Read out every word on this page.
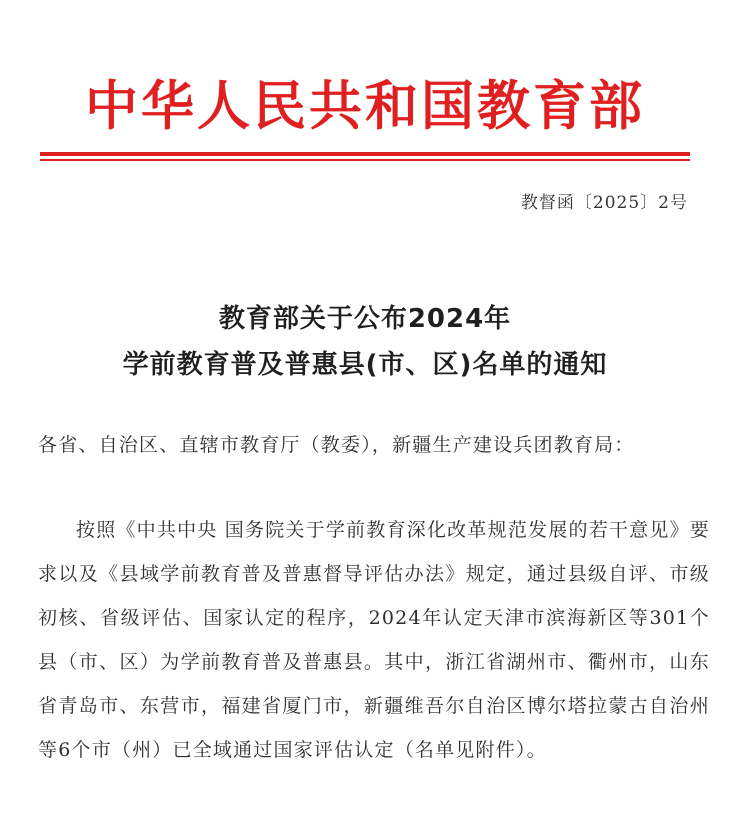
中华人民共和国教育部
教督函〔2025〕2号
教育部关于公布2024年
学前教育普及普惠县(市、区)名单的通知
各省、自治区、直辖市教育厅（教委），新疆生产建设兵团教育局：
按照《中共中央 国务院关于学前教育深化改革规范发展的若干意见》要求以及《县域学前教育普及普惠督导评估办法》规定，通过县级自评、市级初核、省级评估、国家认定的程序，2024年认定天津市滨海新区等301个县（市、区）为学前教育普及普惠县。其中，浙江省湖州市、衢州市，山东省青岛市、东营市，福建省厦门市，新疆维吾尔自治区博尔塔拉蒙古自治州等6个市（州）已全域通过国家评估认定（名单见附件）。
